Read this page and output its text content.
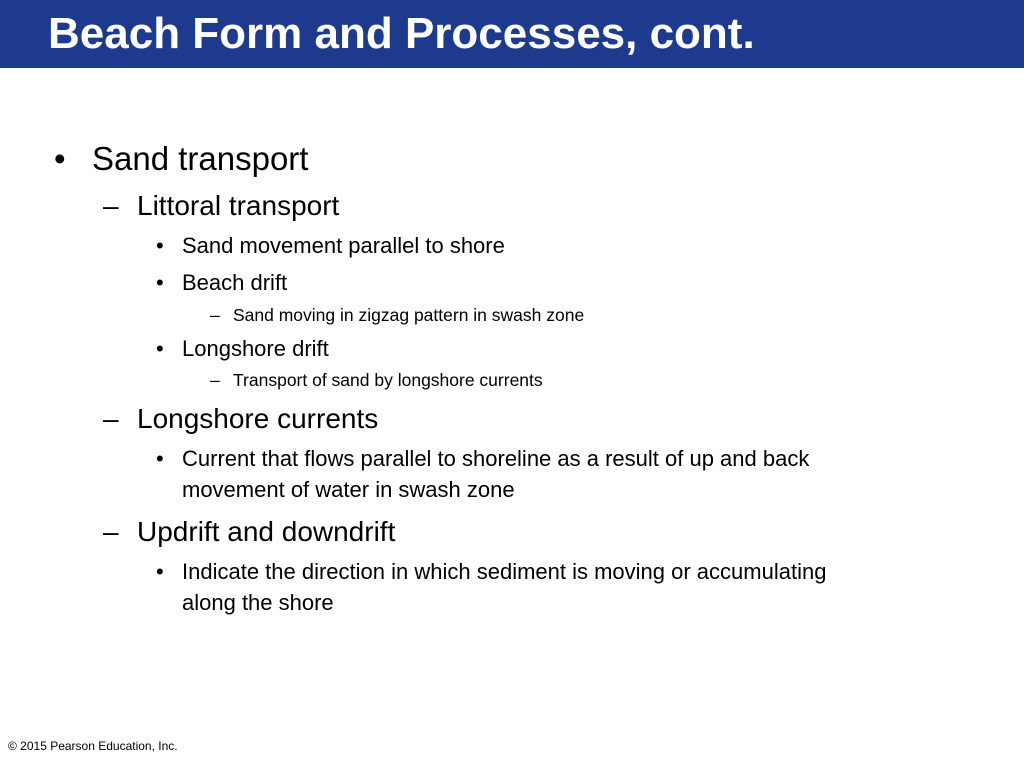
Beach Form and Processes, cont.
• Sand transport
– Littoral transport
• Sand movement parallel to shore
• Beach drift
– Sand moving in zigzag pattern in swash zone
• Longshore drift
– Transport of sand by longshore currents
– Longshore currents
• Current that flows parallel to shoreline as a result of up and back
movement of water in swash zone
– Updrift and downdrift
• Indicate the direction in which sediment is moving or accumulating
along the shore
© 2015 Pearson Education, Inc.
